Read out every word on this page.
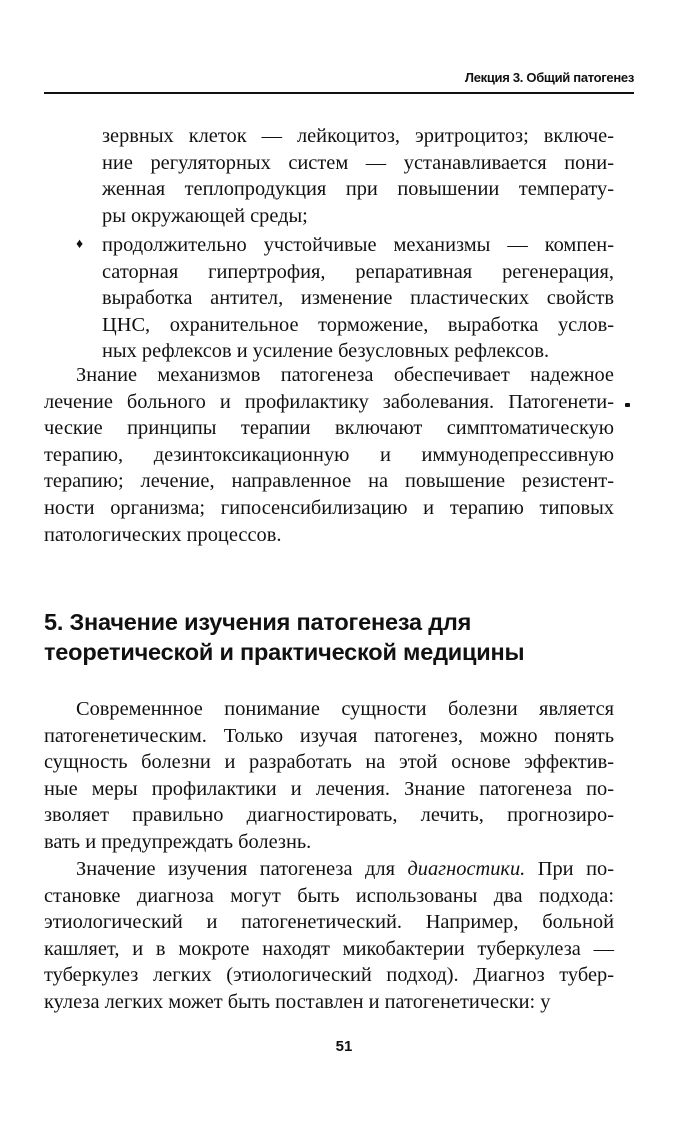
Лекция 3. Общий патогенез
зервных клеток — лейкоцитоз, эритроцитоз; включе-
ние регуляторных систем — устанавливается пони-
женная теплопродукция при повышении температу-
ры окружающей среды;
♦ продолжительно учстойчивые механизмы — компен-
саторная гипертрофия, репаративная регенерация,
выработка антител, изменение пластических свойств
ЦНС, охранительное торможение, выработка услов-
ных рефлексов и усиление безусловных рефлексов.
Знание механизмов патогенеза обеспечивает надежное
лечение больного и профилактику заболевания. Патогенети-
ческие принципы терапии включают симптоматическую
терапию, дезинтоксикационную и иммунодепрессивную
терапию; лечение, направленное на повышение резистент-
ности организма; гипосенсибилизацию и терапию типовых
патологических процессов.
5. Значение изучения патогенеза для
теоретической и практической медицины
Современнное понимание сущности болезни является
патогенетическим. Только изучая патогенез, можно понять
сущность болезни и разработать на этой основе эффектив-
ные меры профилактики и лечения. Знание патогенеза по-
зволяет правильно диагностировать, лечить, прогнозиро-
вать и предупреждать болезнь.
Значение изучения патогенеза для диагностики. При по-
становке диагноза могут быть использованы два подхода:
этиологический и патогенетический. Например, больной
кашляет, и в мокроте находят микобактерии туберкулеза —
туберкулез легких (этиологический подход). Диагноз тубер-
кулеза легких может быть поставлен и патогенетически: у
51
